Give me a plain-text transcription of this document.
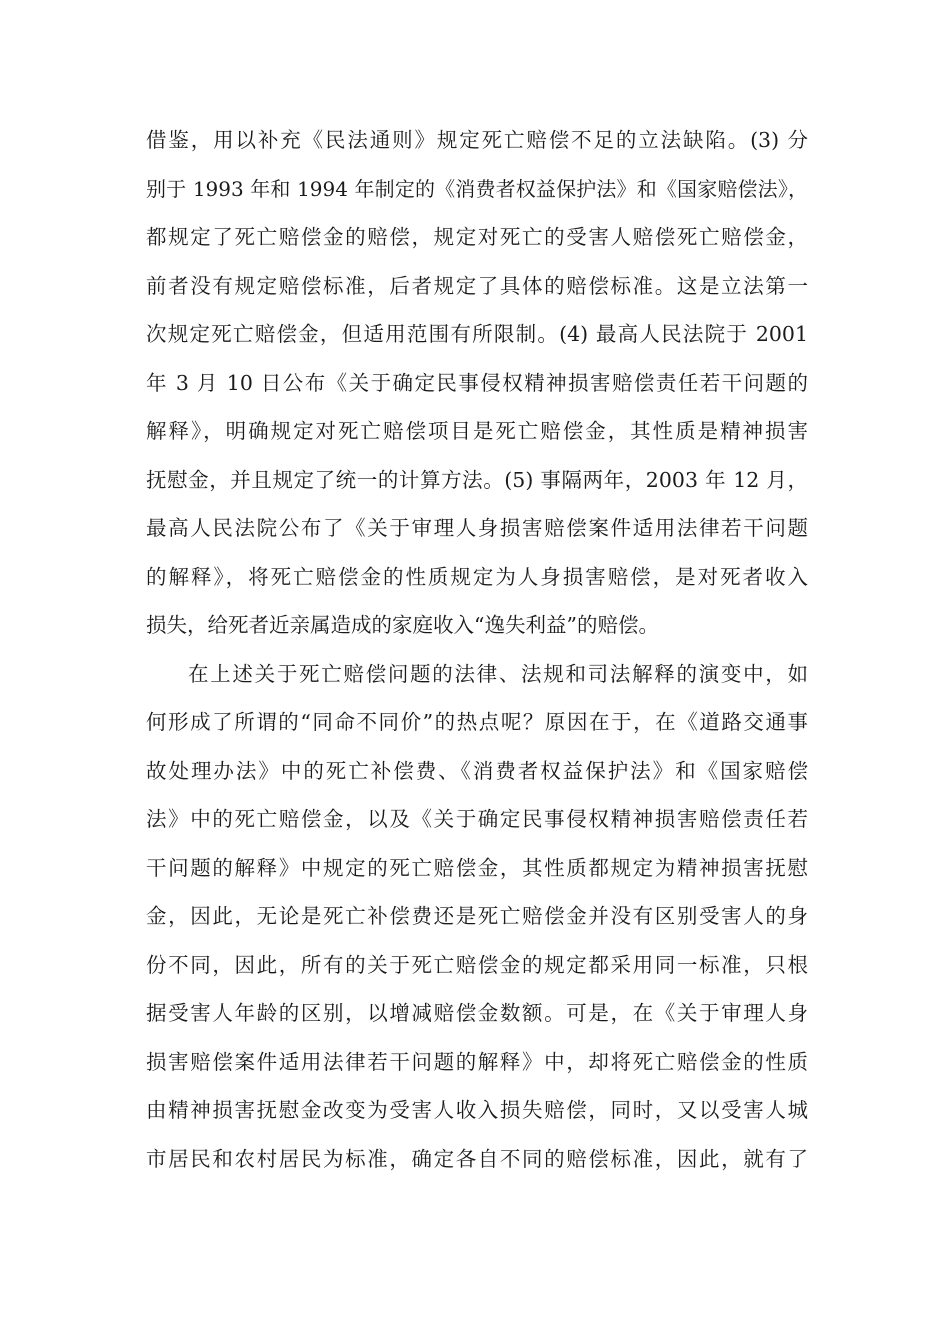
借鉴，用以补充《民法通则》规定死亡赔偿不足的立法缺陷。(3) 分
别于 1993 年和 1994 年制定的《消费者权益保护法》和《国家赔偿法》，
都规定了死亡赔偿金的赔偿，规定对死亡的受害人赔偿死亡赔偿金，
前者没有规定赔偿标准，后者规定了具体的赔偿标准。这是立法第一
次规定死亡赔偿金，但适用范围有所限制。(4) 最高人民法院于 2001
年 3 月 10 日公布《关于确定民事侵权精神损害赔偿责任若干问题的
解释》，明确规定对死亡赔偿项目是死亡赔偿金，其性质是精神损害
抚慰金，并且规定了统一的计算方法。(5) 事隔两年，2003 年 12 月，
最高人民法院公布了《关于审理人身损害赔偿案件适用法律若干问题
的解释》，将死亡赔偿金的性质规定为人身损害赔偿，是对死者收入
损失，给死者近亲属造成的家庭收入“逸失利益”的赔偿。
在上述关于死亡赔偿问题的法律、法规和司法解释的演变中，如
何形成了所谓的“同命不同价”的热点呢？原因在于，在《道路交通事
故处理办法》中的死亡补偿费、《消费者权益保护法》和《国家赔偿
法》中的死亡赔偿金，以及《关于确定民事侵权精神损害赔偿责任若
干问题的解释》中规定的死亡赔偿金，其性质都规定为精神损害抚慰
金，因此，无论是死亡补偿费还是死亡赔偿金并没有区别受害人的身
份不同，因此，所有的关于死亡赔偿金的规定都采用同一标准，只根
据受害人年龄的区别，以增减赔偿金数额。可是，在《关于审理人身
损害赔偿案件适用法律若干问题的解释》中，却将死亡赔偿金的性质
由精神损害抚慰金改变为受害人收入损失赔偿，同时，又以受害人城
市居民和农村居民为标准，确定各自不同的赔偿标准，因此，就有了
